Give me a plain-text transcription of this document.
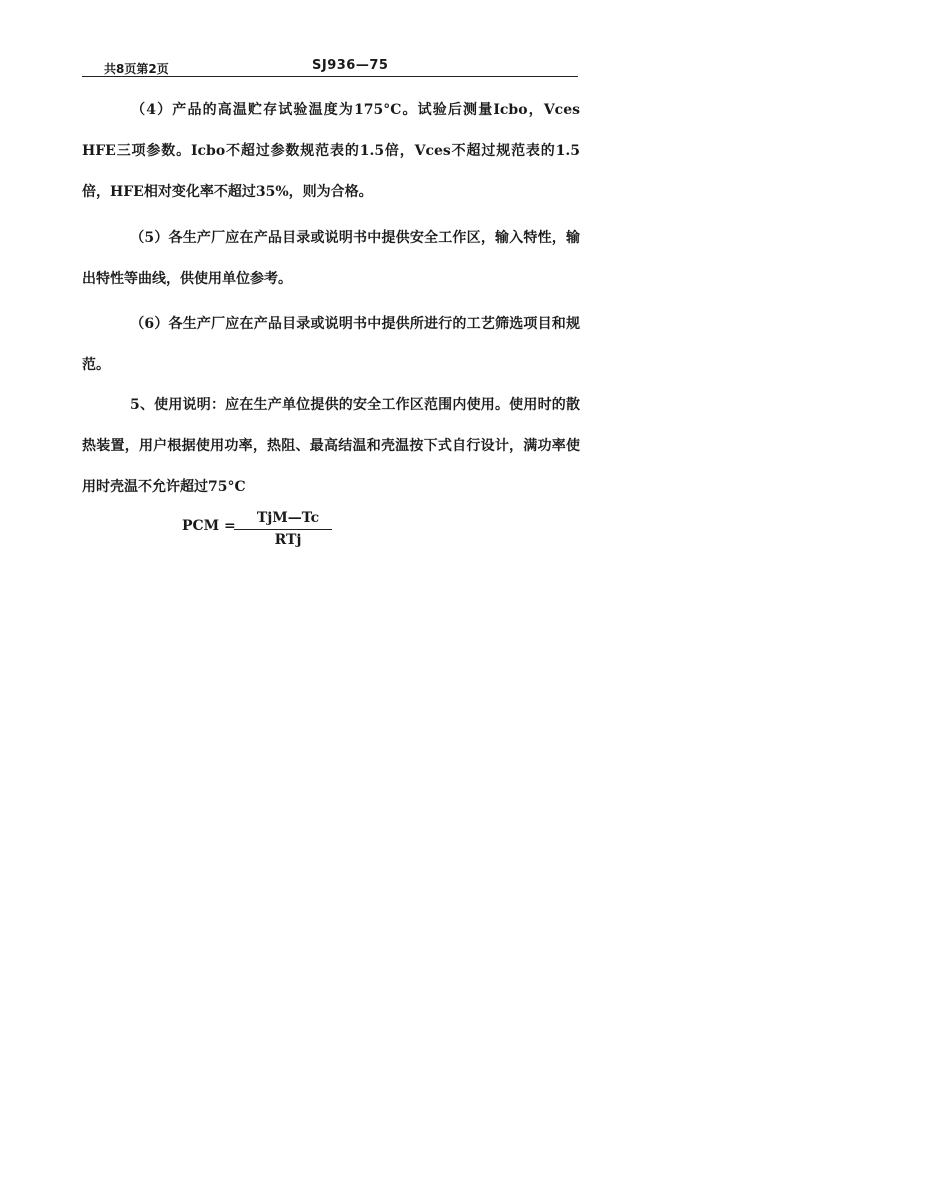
共8页第2页	SJ936—75
（4）产品的高温贮存试验温度为175°C。试验后测量Icbo，Vces HFE三项参数。Icbo不超过参数规范表的1.5倍，Vces不超过规范表的1.5倍，HFE相对变化率不超过35%，则为合格。
（5）各生产厂应在产品目录或说明书中提供安全工作区，输入特性，输出特性等曲线，供使用单位参考。
（6）各生产厂应在产品目录或说明书中提供所进行的工艺筛选项目和规范。
5、使用说明：应在生产单位提供的安全工作区范围内使用。使用时的散热装置，用户根据使用功率，热阻、最高结温和壳温按下式自行设计，满功率使用时壳温不允许超过75°C
PCM =	TjM—Tc
RTj
